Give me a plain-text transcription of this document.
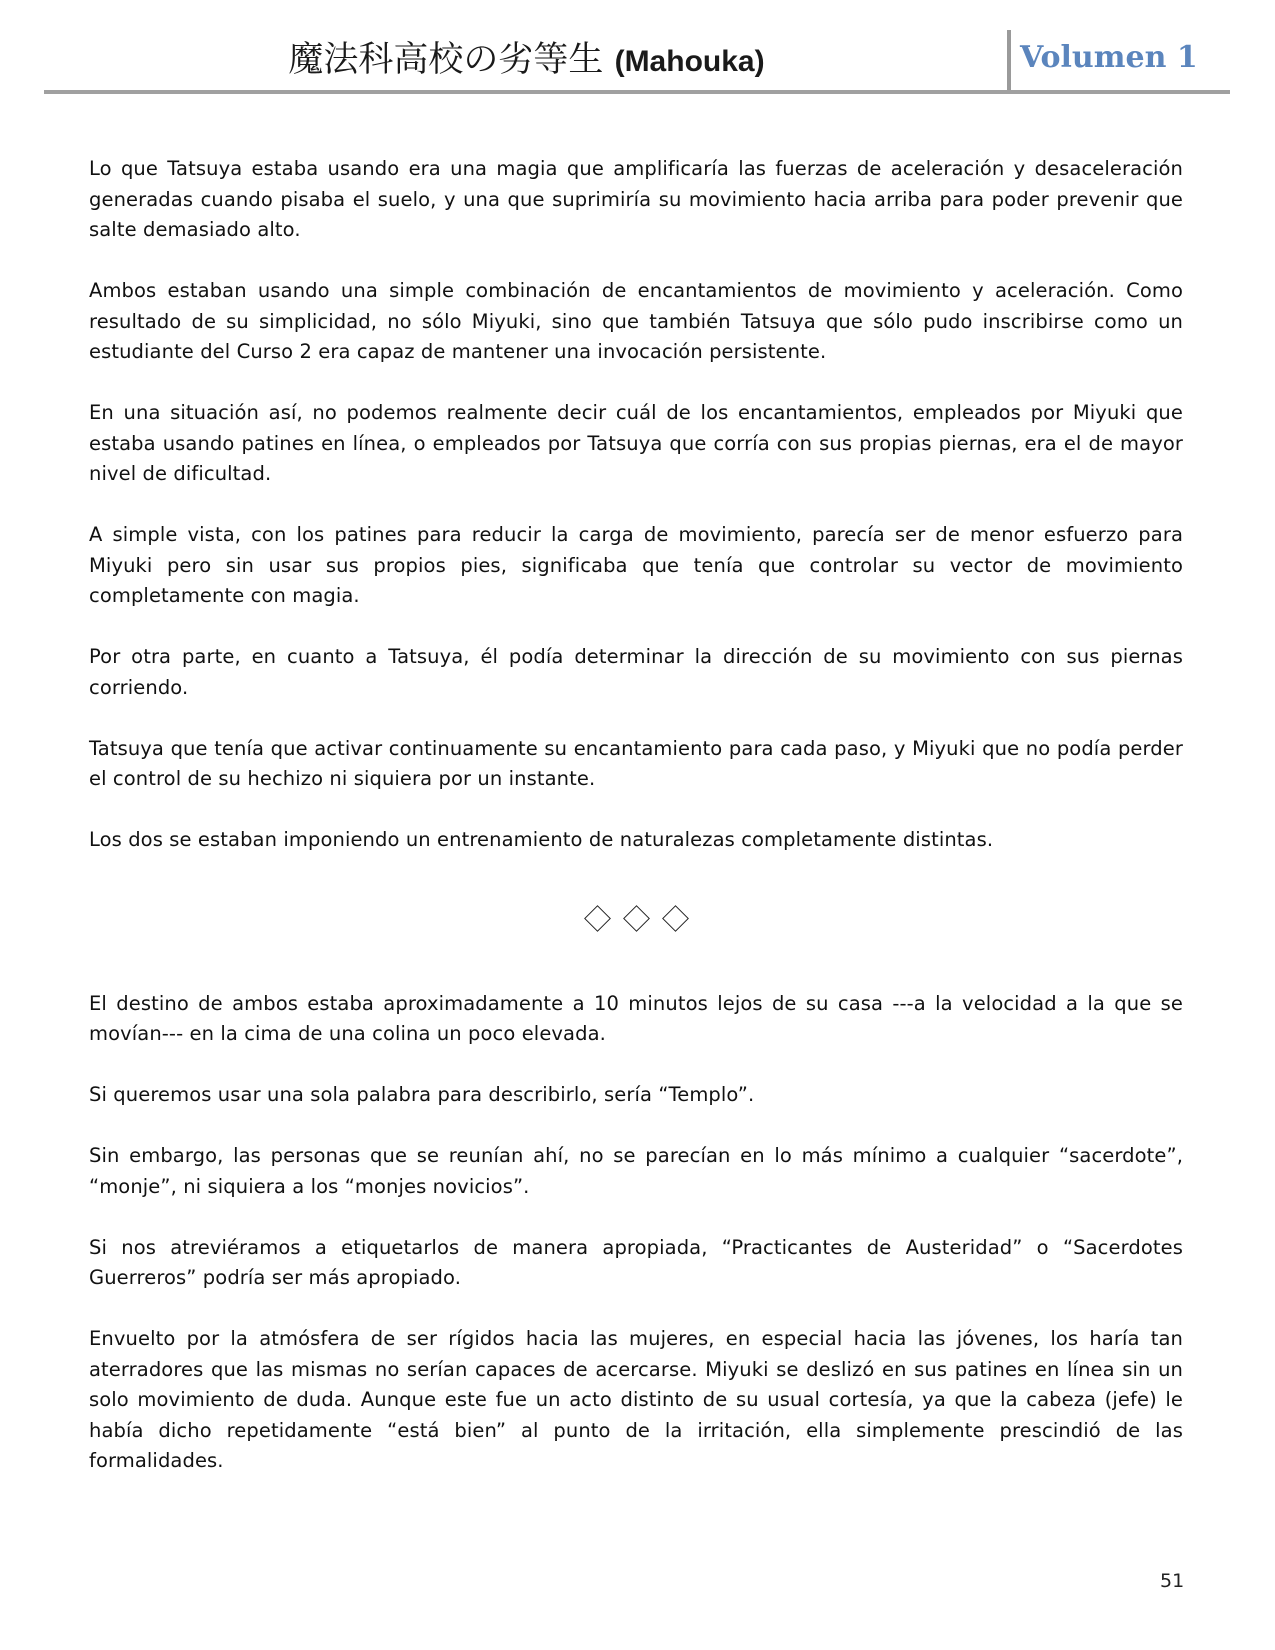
魔法科高校の劣等生 (Mahouka)	Volumen 1

Lo que Tatsuya estaba usando era una magia que amplificaría las fuerzas de aceleración y desaceleración generadas cuando pisaba el suelo, y una que suprimiría su movimiento hacia arriba para poder prevenir que salte demasiado alto.

Ambos estaban usando una simple combinación de encantamientos de movimiento y aceleración. Como resultado de su simplicidad, no sólo Miyuki, sino que también Tatsuya que sólo pudo inscribirse como un estudiante del Curso 2 era capaz de mantener una invocación persistente.

En una situación así, no podemos realmente decir cuál de los encantamientos, empleados por Miyuki que estaba usando patines en línea, o empleados por Tatsuya que corría con sus propias piernas, era el de mayor nivel de dificultad.

A simple vista, con los patines para reducir la carga de movimiento, parecía ser de menor esfuerzo para Miyuki pero sin usar sus propios pies, significaba que tenía que controlar su vector de movimiento completamente con magia.

Por otra parte, en cuanto a Tatsuya, él podía determinar la dirección de su movimiento con sus piernas corriendo.

Tatsuya que tenía que activar continuamente su encantamiento para cada paso, y Miyuki que no podía perder el control de su hechizo ni siquiera por un instante.

Los dos se estaban imponiendo un entrenamiento de naturalezas completamente distintas.

El destino de ambos estaba aproximadamente a 10 minutos lejos de su casa ---a la velocidad a la que se movían--- en la cima de una colina un poco elevada.

Si queremos usar una sola palabra para describirlo, sería “Templo”.

Sin embargo, las personas que se reunían ahí, no se parecían en lo más mínimo a cualquier “sacerdote”, “monje”, ni siquiera a los “monjes novicios”.

Si nos atreviéramos a etiquetarlos de manera apropiada, “Practicantes de Austeridad” o “Sacerdotes Guerreros” podría ser más apropiado.

Envuelto por la atmósfera de ser rígidos hacia las mujeres, en especial hacia las jóvenes, los haría tan aterradores que las mismas no serían capaces de acercarse. Miyuki se deslizó en sus patines en línea sin un solo movimiento de duda. Aunque este fue un acto distinto de su usual cortesía, ya que la cabeza (jefe) le había dicho repetidamente “está bien” al punto de la irritación, ella simplemente prescindió de las formalidades.

51
